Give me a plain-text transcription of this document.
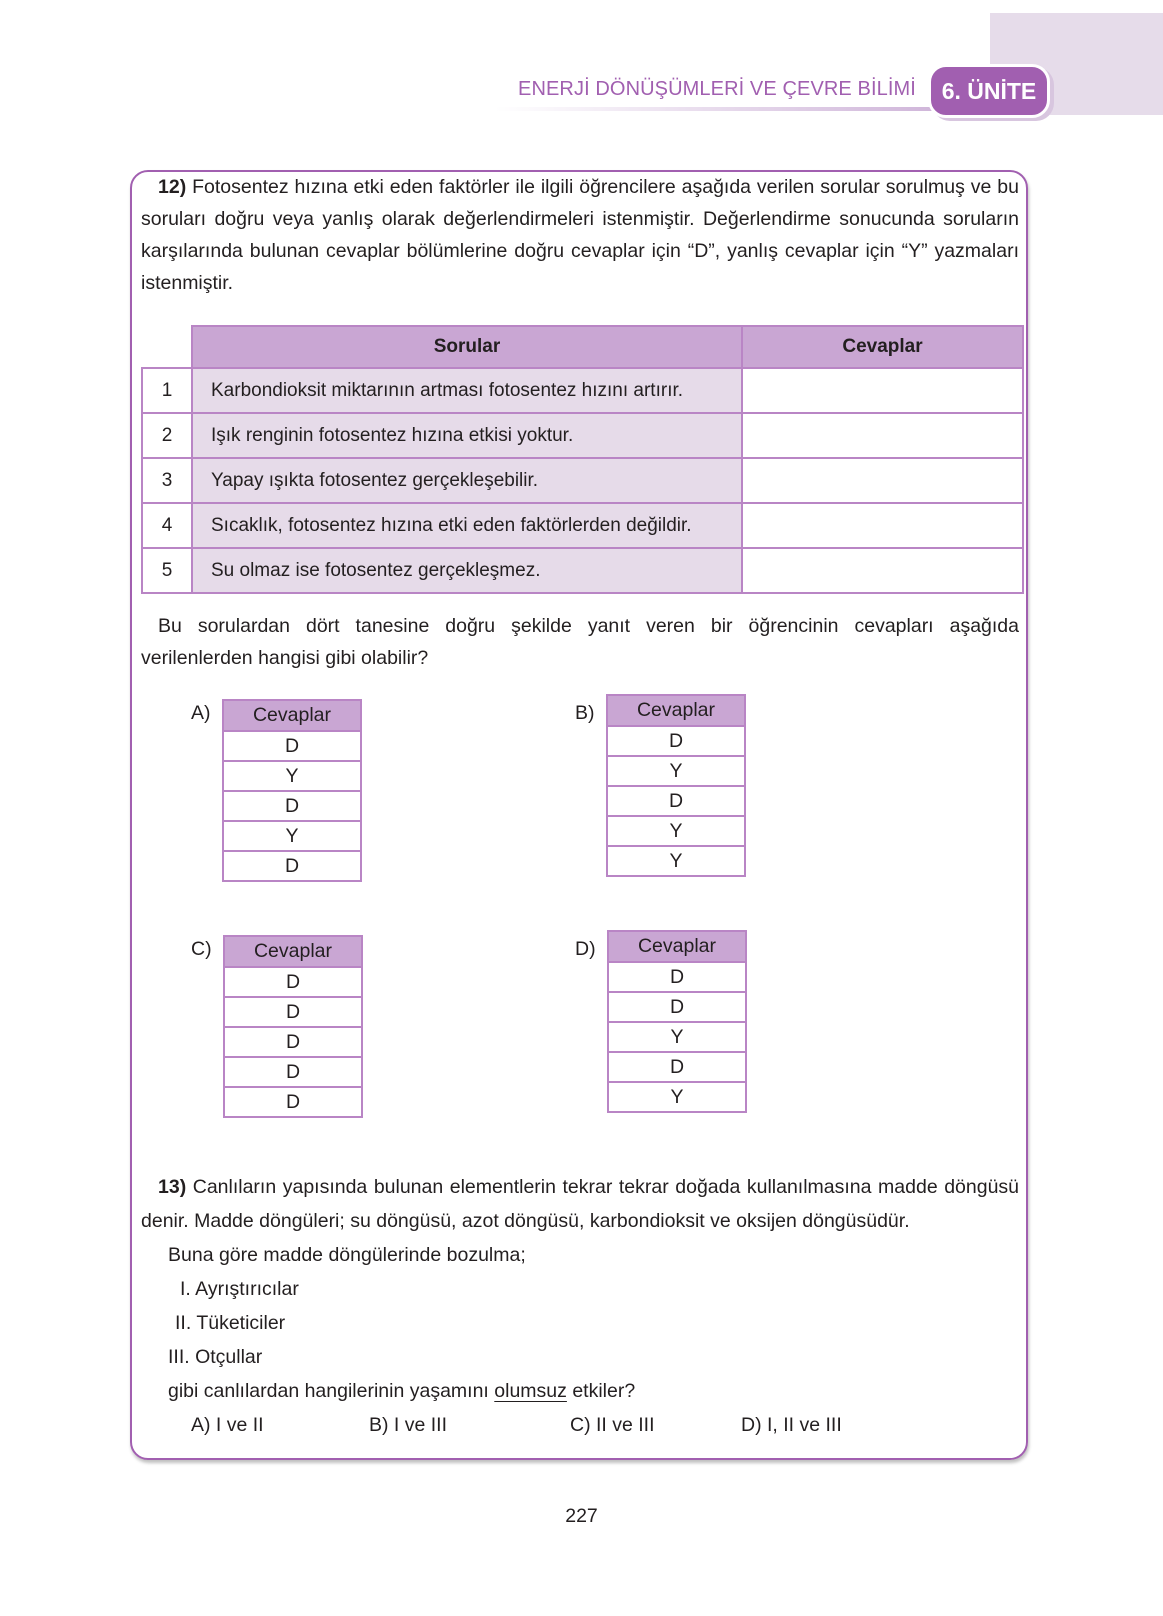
ENERJİ DÖNÜŞÜMLERİ VE ÇEVRE BİLİMİ	6. ÜNİTE

12) Fotosentez hızına etki eden faktörler ile ilgili öğrencilere aşağıda verilen sorular sorulmuş ve bu soruları doğru veya yanlış olarak değerlendirmeleri istenmiştir. Değerlendirme sonucunda soruların karşılarında bulunan cevaplar bölümlerine doğru cevaplar için “D”, yanlış cevaplar için “Y” yazmaları istenmiştir.

	Sorular	Cevaplar
1	Karbondioksit miktarının artması fotosentez hızını artırır.	
2	Işık renginin fotosentez hızına etkisi yoktur.	
3	Yapay ışıkta fotosentez gerçekleşebilir.	
4	Sıcaklık, fotosentez hızına etki eden faktörlerden değildir.	
5	Su olmaz ise fotosentez gerçekleşmez.	

Bu sorulardan dört tanesine doğru şekilde yanıt veren bir öğrencinin cevapları aşağıda verilenlerden hangisi gibi olabilir?

A) Cevaplar
D
Y
D
Y
D
B) Cevaplar
D
Y
D
Y
Y
C) Cevaplar
D
D
D
D
D
D) Cevaplar
D
D
Y
D
Y

13) Canlıların yapısında bulunan elementlerin tekrar tekrar doğada kullanılmasına madde döngüsü denir. Madde döngüleri; su döngüsü, azot döngüsü, karbondioksit ve oksijen döngüsüdür.

Buna göre madde döngülerinde bozulma;
I. Ayrıştırıcılar
II. Tüketiciler
III. Otçullar
gibi canlılardan hangilerinin yaşamını olumsuz etkiler?
A) I ve II	B) I ve III	C) II ve III	D) I, II ve III
227
